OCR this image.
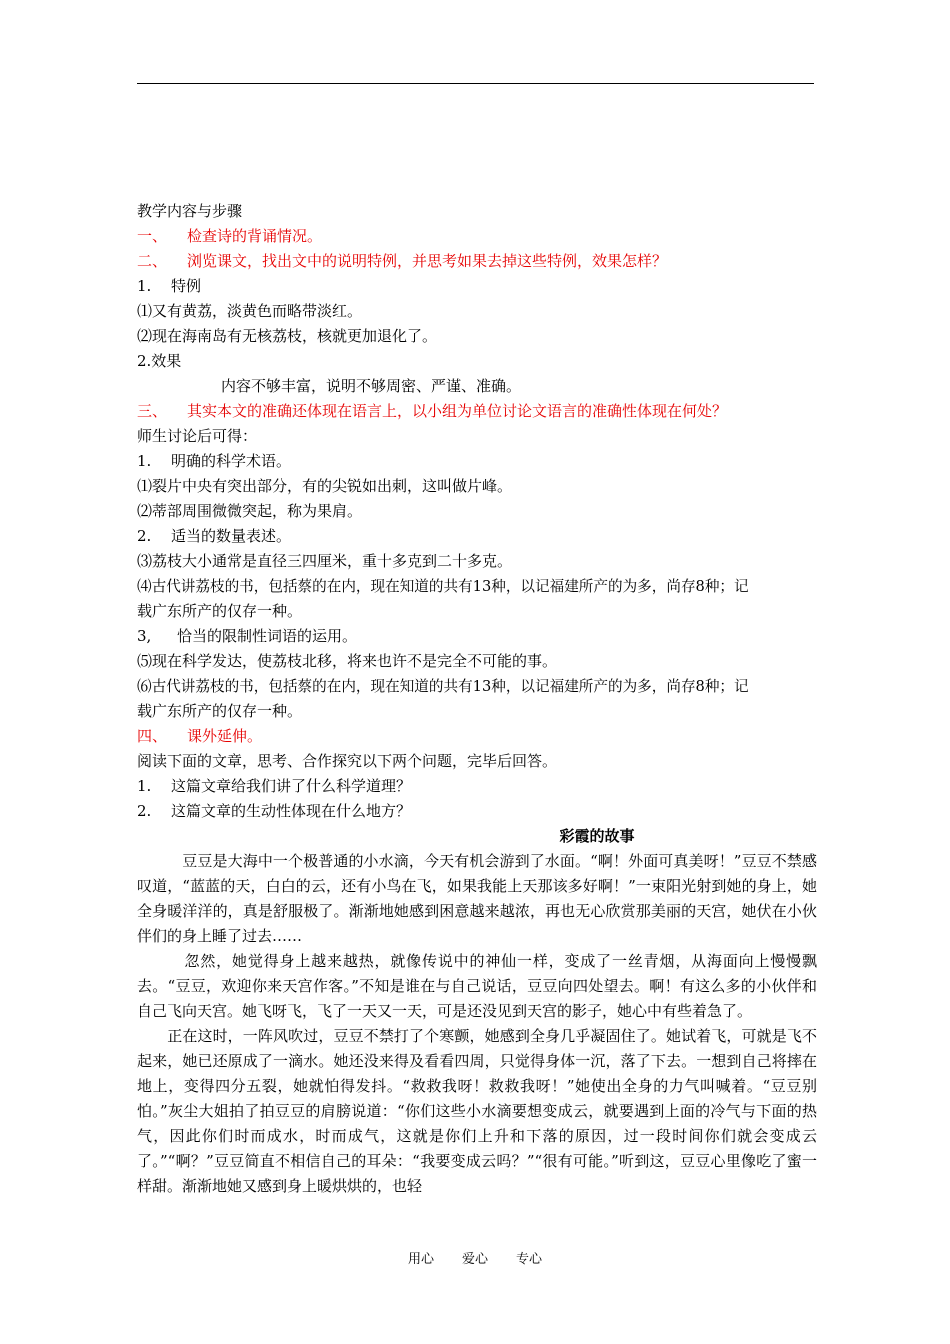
教学内容与步骤
一、 检查诗的背诵情况。
二、 浏览课文，找出文中的说明特例，并思考如果去掉这些特例，效果怎样？
1. 特例
⑴又有黄荔，淡黄色而略带淡红。
⑵现在海南岛有无核荔枝，核就更加退化了。
2.效果
内容不够丰富，说明不够周密、严谨、准确。
三、 其实本文的准确还体现在语言上，以小组为单位讨论文语言的准确性体现在何处？
师生讨论后可得：
1. 明确的科学术语。
⑴裂片中央有突出部分，有的尖锐如出刺，这叫做片峰。
⑵蒂部周围微微突起，称为果肩。
2. 适当的数量表述。
⑶荔枝大小通常是直径三四厘米，重十多克到二十多克。
⑷古代讲荔枝的书，包括蔡的在内，现在知道的共有13种，以记福建所产的为多，尚存8种；记
载广东所产的仅存一种。
3, 恰当的限制性词语的运用。
⑸现在科学发达，使荔枝北移，将来也许不是完全不可能的事。
⑹古代讲荔枝的书，包括蔡的在内，现在知道的共有13种，以记福建所产的为多，尚存8种；记
载广东所产的仅存一种。
四、 课外延伸。
阅读下面的文章，思考、合作探究以下两个问题，完毕后回答。
1. 这篇文章给我们讲了什么科学道理？
2. 这篇文章的生动性体现在什么地方？
彩霞的故事
　　　豆豆是大海中一个极普通的小水滴，今天有机会游到了水面。“啊！外面可真美呀！”豆豆不禁感叹道，“蓝蓝的天，白白的云，还有小鸟在飞，如果我能上天那该多好啊！”一束阳光射到她的身上，她全身暖洋洋的，真是舒服极了。渐渐地她感到困意越来越浓，再也无心欣赏那美丽的天宫，她伏在小伙伴们的身上睡了过去……
　　　忽然，她觉得身上越来越热，就像传说中的神仙一样，变成了一丝青烟，从海面向上慢慢飘去。“豆豆，欢迎你来天宫作客。”不知是谁在与自己说话，豆豆向四处望去。啊！有这么多的小伙伴和自己飞向天宫。她飞呀飞，飞了一天又一天，可是还没见到天宫的影子，她心中有些着急了。
　　正在这时，一阵风吹过，豆豆不禁打了个寒颤，她感到全身几乎凝固住了。她试着飞，可就是飞不起来，她已还原成了一滴水。她还没来得及看看四周，只觉得身体一沉，落了下去。一想到自己将摔在地上，变得四分五裂，她就怕得发抖。“救救我呀！救救我呀！”她使出全身的力气叫喊着。“豆豆别怕。”灰尘大姐拍了拍豆豆的肩膀说道：“你们这些小水滴要想变成云，就要遇到上面的冷气与下面的热气，因此你们时而成水，时而成气，这就是你们上升和下落的原因，过一段时间你们就会变成云了。”“啊？”豆豆简直不相信自己的耳朵：“我要变成云吗？”“很有可能。”听到这，豆豆心里像吃了蜜一样甜。渐渐地她又感到身上暖烘烘的，也轻
用心 爱心 专心
